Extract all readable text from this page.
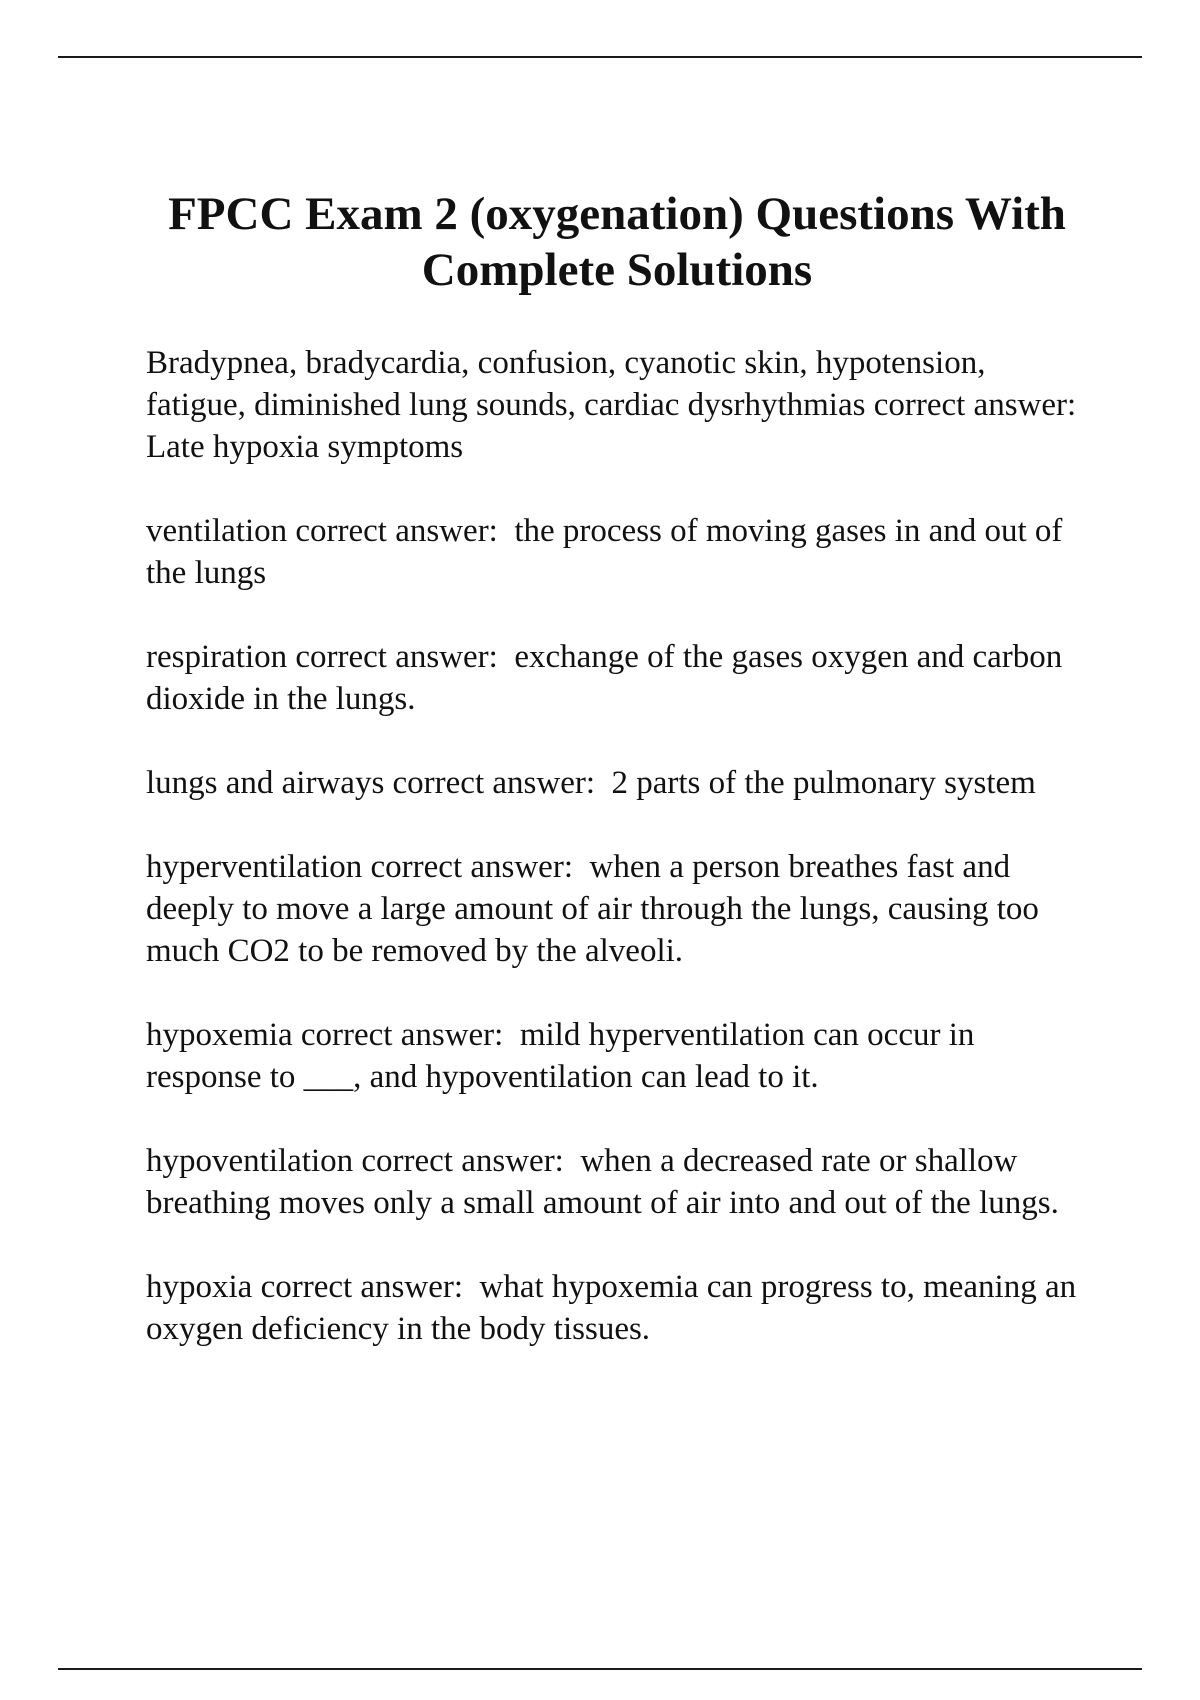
FPCC Exam 2 (oxygenation) Questions With Complete Solutions

Bradypnea, bradycardia, confusion, cyanotic skin, hypotension, fatigue, diminished lung sounds, cardiac dysrhythmias correct answer:  Late hypoxia symptoms

ventilation correct answer:  the process of moving gases in and out of the lungs

respiration correct answer:  exchange of the gases oxygen and carbon dioxide in the lungs.

lungs and airways correct answer:  2 parts of the pulmonary system

hyperventilation correct answer:  when a person breathes fast and deeply to move a large amount of air through the lungs, causing too much CO2 to be removed by the alveoli.

hypoxemia correct answer:  mild hyperventilation can occur in response to ___, and hypoventilation can lead to it.

hypoventilation correct answer:  when a decreased rate or shallow breathing moves only a small amount of air into and out of the lungs.

hypoxia correct answer:  what hypoxemia can progress to, meaning an oxygen deficiency in the body tissues.
